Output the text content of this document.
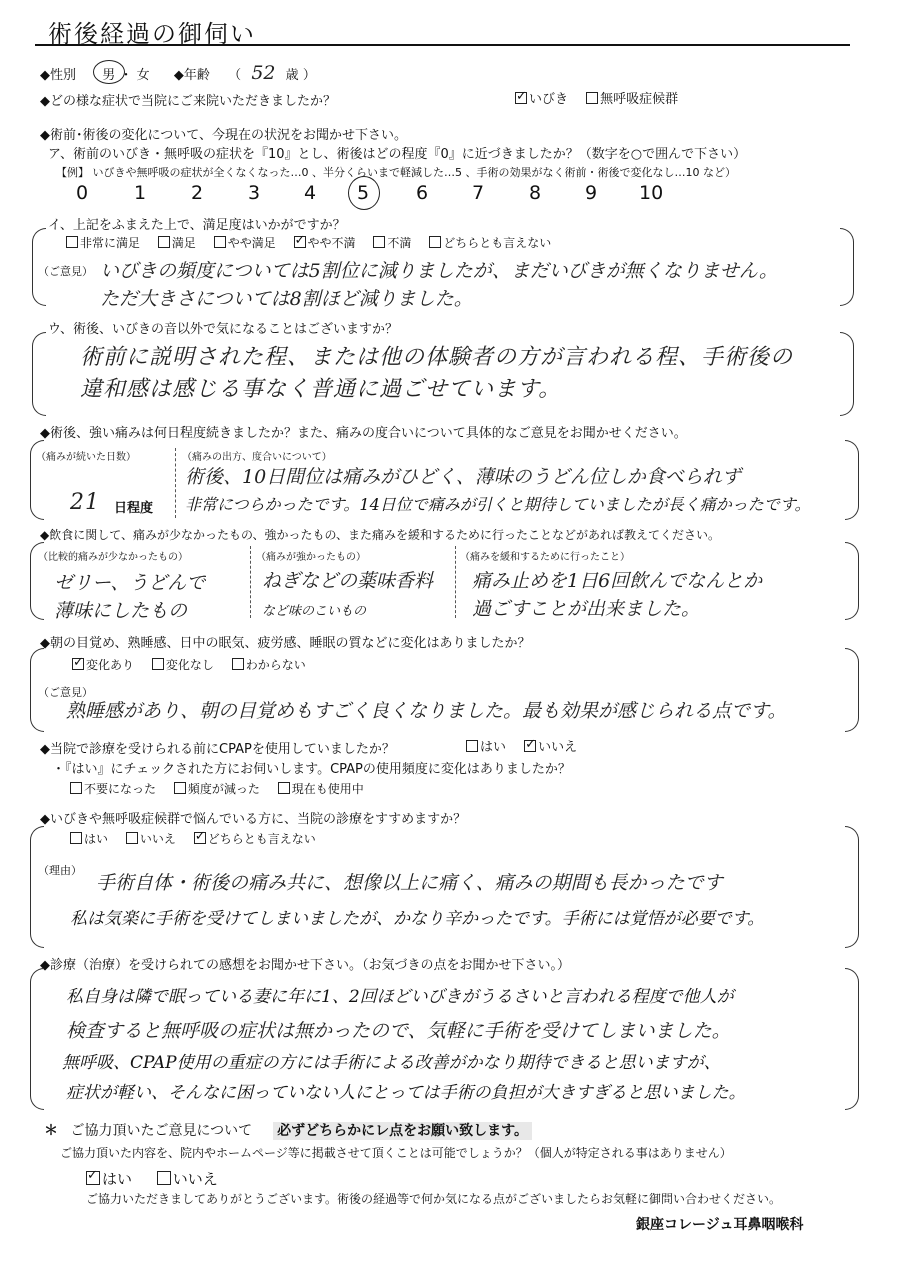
術後経過の御伺い
◆性別 男 ・ 女 ◆年齢 （ 52 歳 ）
◆どの様な症状で当院にご来院いただきましたか？ ✓	いびき 無呼吸症候群
◆術前･術後の変化について、今現在の状況をお聞かせ下さい。
ア、術前のいびき・無呼吸の症状を『10』とし、術後はどの程度『0』に近づきましたか？（数字を○で囲んで下さい）
【例】 いびきや無呼吸の症状が全くなくなった…0 、半分くらいまで軽減した…5 、手術の効果がなく術前・術後で変化なし…10 など）
0 1 2 3 4 5 6 7 8 9 10
イ、上記をふまえた上で、満足度はいかがですか？
非常に満足	満足	やや満足 ✓	やや不満	不満	どちらとも言えない
（ご意見） いびきの頻度については5割位に減りましたが、まだいびきが無くなりません。
ただ大きさについては8割ほど減りました。
ウ、術後、いびきの音以外で気になることはございますか？
術前に説明された程、または他の体験者の方が言われる程、手術後の
違和感は感じる事なく普通に過ごせています。
◆術後、強い痛みは何日程度続きましたか？また、痛みの度合いについて具体的なご意見をお聞かせください。
（痛みが続いた日数）
21 日程度
（痛みの出方、度合いについて）
術後、10日間位は痛みがひどく、薄味のうどん位しか食べられず
非常につらかったです。14日位で痛みが引くと期待していましたが長く痛かったです。
◆飲食に関して、痛みが少なかったもの、強かったもの、また痛みを緩和するために行ったことなどがあれば教えてください。
（比較的痛みが少なかったもの）
ゼリー、うどんで
薄味にしたもの
（痛みが強かったもの）
ねぎなどの薬味香料
など味のこいもの
（痛みを緩和するために行ったこと）
痛み止めを1日6回飲んでなんとか
過ごすことが出来ました。
◆朝の目覚め、熟睡感、日中の眠気、疲労感、睡眠の質などに変化はありましたか？
✓変化あり	変化なし	わからない
（ご意見）
熟睡感があり、朝の目覚めもすごく良くなりました。最も効果が感じられる点です。
◆当院で診療を受けられる前にCPAPを使用していましたか？	はい ✓ いいえ
・『はい』にチェックされた方にお伺いします。CPAPの使用頻度に変化はありましたか？
不要になった	頻度が減った	現在も使用中
◆いびきや無呼吸症候群で悩んでいる方に、当院の診療をすすめますか？
はい	いいえ ✓	どちらとも言えない
（理由）
手術自体・術後の痛み共に、想像以上に痛く、痛みの期間も長かったです
私は気楽に手術を受けてしまいましたが、かなり辛かったです。手術には覚悟が必要です。
◆診療（治療）を受けられての感想をお聞かせ下さい。（お気づきの点をお聞かせ下さい。）
私自身は隣で眠っている妻に年に1、2回ほどいびきがうるさいと言われる程度で他人が
検査すると無呼吸の症状は無かったので、気軽に手術を受けてしまいました。
無呼吸、CPAP使用の重症の方には手術による改善がかなり期待できると思いますが、
症状が軽い、そんなに困っていない人にとっては手術の負担が大きすぎると思いました。
＊ ご協力頂いたご意見について 必ずどちらかにレ点をお願い致します。
ご協力頂いた内容を、院内やホームページ等に掲載させて頂くことは可能でしょうか？（個人が特定される事はありません）
✓はい	いいえ
ご協力いただきましてありがとうございます。術後の経過等で何か気になる点がございましたらお気軽に御問い合わせください。
銀座コレージュ耳鼻咽喉科
